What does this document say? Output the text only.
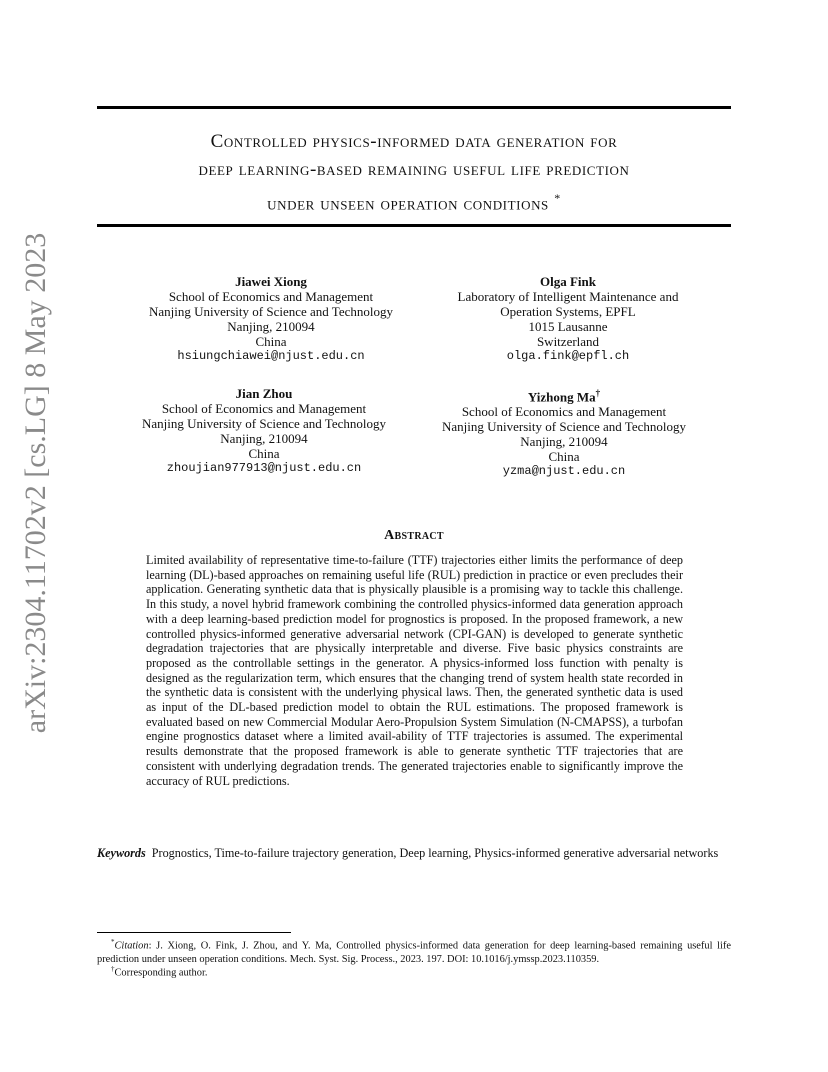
arXiv:2304.11702v2 [cs.LG] 8 May 2023
Controlled physics-informed data generation for
deep learning-based remaining useful life prediction
under unseen operation conditions *
Jiawei Xiong
School of Economics and Management
Nanjing University of Science and Technology
Nanjing, 210094
China
hsiungchiawei@njust.edu.cn
Olga Fink
Laboratory of Intelligent Maintenance and
Operation Systems, EPFL
1015 Lausanne
Switzerland
olga.fink@epfl.ch
Jian Zhou
School of Economics and Management
Nanjing University of Science and Technology
Nanjing, 210094
China
zhoujian977913@njust.edu.cn
Yizhong Ma†
School of Economics and Management
Nanjing University of Science and Technology
Nanjing, 210094
China
yzma@njust.edu.cn
Abstract
Limited availability of representative time-to-failure (TTF) trajectories either limits the performance of deep learning (DL)-based approaches on remaining useful life (RUL) prediction in practice or even precludes their application. Generating synthetic data that is physically plausible is a promising way to tackle this challenge. In this study, a novel hybrid framework combining the controlled physics-informed data generation approach with a deep learning-based prediction model for prognostics is proposed. In the proposed framework, a new controlled physics-informed generative adversarial network (CPI-GAN) is developed to generate synthetic degradation trajectories that are physically interpretable and diverse. Five basic physics constraints are proposed as the controllable settings in the generator. A physics-informed loss function with penalty is designed as the regularization term, which ensures that the changing trend of system health state recorded in the synthetic data is consistent with the underlying physical laws. Then, the generated synthetic data is used as input of the DL-based prediction model to obtain the RUL estimations. The proposed framework is evaluated based on new Commercial Modular Aero-Propulsion System Simulation (N-CMAPSS), a turbofan engine prognostics dataset where a limited avail-ability of TTF trajectories is assumed. The experimental results demonstrate that the proposed framework is able to generate synthetic TTF trajectories that are consistent with underlying degradation trends. The generated trajectories enable to significantly improve the accuracy of RUL predictions.
Keywords Prognostics, Time-to-failure trajectory generation, Deep learning, Physics-informed generative adversarial networks
*Citation: J. Xiong, O. Fink, J. Zhou, and Y. Ma, Controlled physics-informed data generation for deep learning-based remaining useful life prediction under unseen operation conditions. Mech. Syst. Sig. Process., 2023. 197. DOI: 10.1016/j.ymssp.2023.110359.
†Corresponding author.
